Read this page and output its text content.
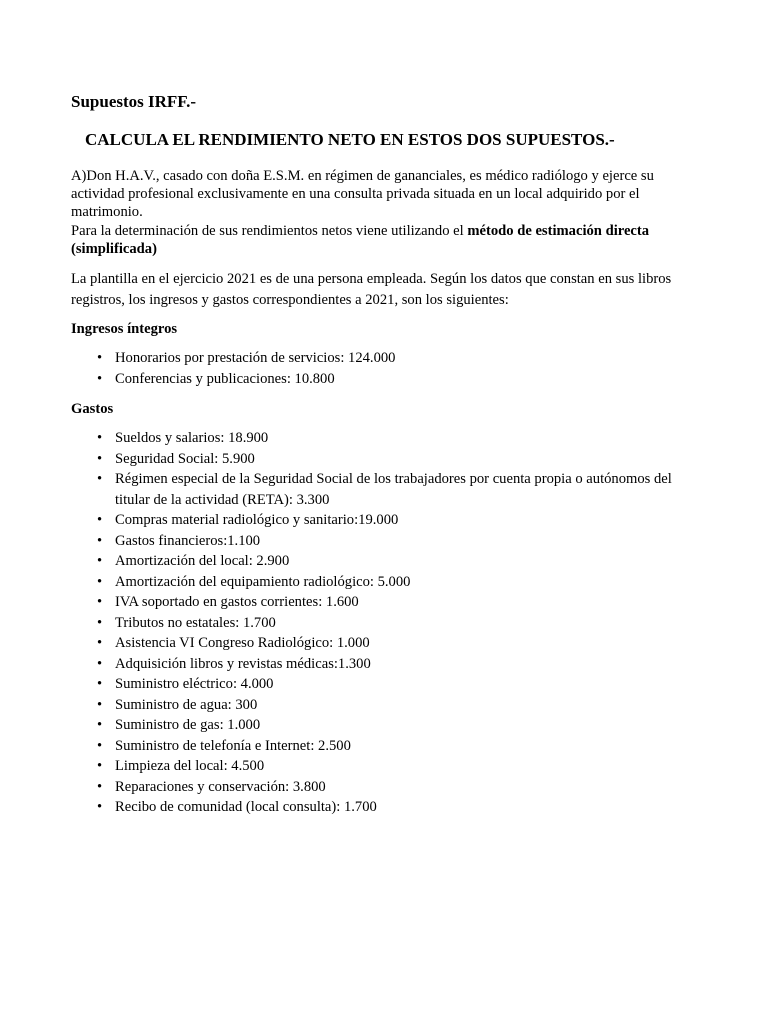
Supuestos IRFF.-
CALCULA EL RENDIMIENTO NETO EN ESTOS DOS SUPUESTOS.-

A)Don H.A.V., casado con doña E.S.M. en régimen de gananciales, es médico radiólogo y ejerce su actividad profesional exclusivamente en una consulta privada situada en un local adquirido por el matrimonio.

Para la determinación de sus rendimientos netos viene utilizando el método de estimación directa (simplificada)

La plantilla en el ejercicio 2021 es de una persona empleada. Según los datos que constan en sus libros registros, los ingresos y gastos correspondientes a 2021, son los siguientes:

Ingresos íntegros

• Honorarios por prestación de servicios: 124.000
• Conferencias y publicaciones: 10.800

Gastos

• Sueldos y salarios: 18.900
• Seguridad Social: 5.900
• Régimen especial de la Seguridad Social de los trabajadores por cuenta propia o autónomos del titular de la actividad (RETA): 3.300
• Compras material radiológico y sanitario:19.000
• Gastos financieros:1.100
• Amortización del local: 2.900
• Amortización del equipamiento radiológico: 5.000
• IVA soportado en gastos corrientes: 1.600
• Tributos no estatales: 1.700
• Asistencia VI Congreso Radiológico: 1.000
• Adquisición libros y revistas médicas:1.300
• Suministro eléctrico: 4.000
• Suministro de agua: 300
• Suministro de gas: 1.000
• Suministro de telefonía e Internet: 2.500
• Limpieza del local: 4.500
• Reparaciones y conservación: 3.800
• Recibo de comunidad (local consulta): 1.700
